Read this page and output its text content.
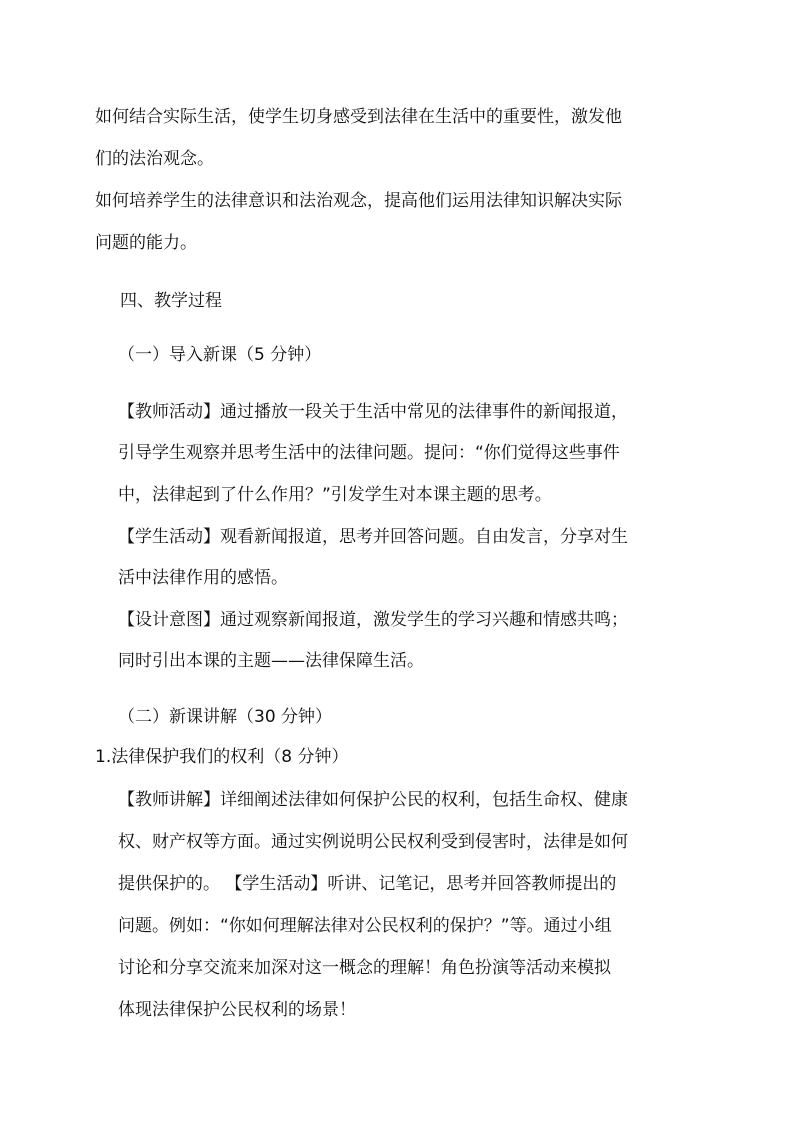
如何结合实际生活，使学生切身感受到法律在生活中的重要性，激发他
们的法治观念。
如何培养学生的法律意识和法治观念，提高他们运用法律知识解决实际
问题的能力。
四、教学过程
（一）导入新课（5 分钟）
【教师活动】通过播放一段关于生活中常见的法律事件的新闻报道，
引导学生观察并思考生活中的法律问题。提问：“你们觉得这些事件
中，法律起到了什么作用？”引发学生对本课主题的思考。
【学生活动】观看新闻报道，思考并回答问题。自由发言，分享对生
活中法律作用的感悟。
【设计意图】通过观察新闻报道，激发学生的学习兴趣和情感共鸣；
同时引出本课的主题——法律保障生活。
（二）新课讲解（30 分钟）
1.法律保护我们的权利（8 分钟）
【教师讲解】详细阐述法律如何保护公民的权利，包括生命权、健康
权、财产权等方面。通过实例说明公民权利受到侵害时，法律是如何
提供保护的。 【学生活动】听讲、记笔记，思考并回答教师提出的
问题。例如：“你如何理解法律对公民权利的保护？”等。通过小组
讨论和分享交流来加深对这一概念的理解！角色扮演等活动来模拟
体现法律保护公民权利的场景！
